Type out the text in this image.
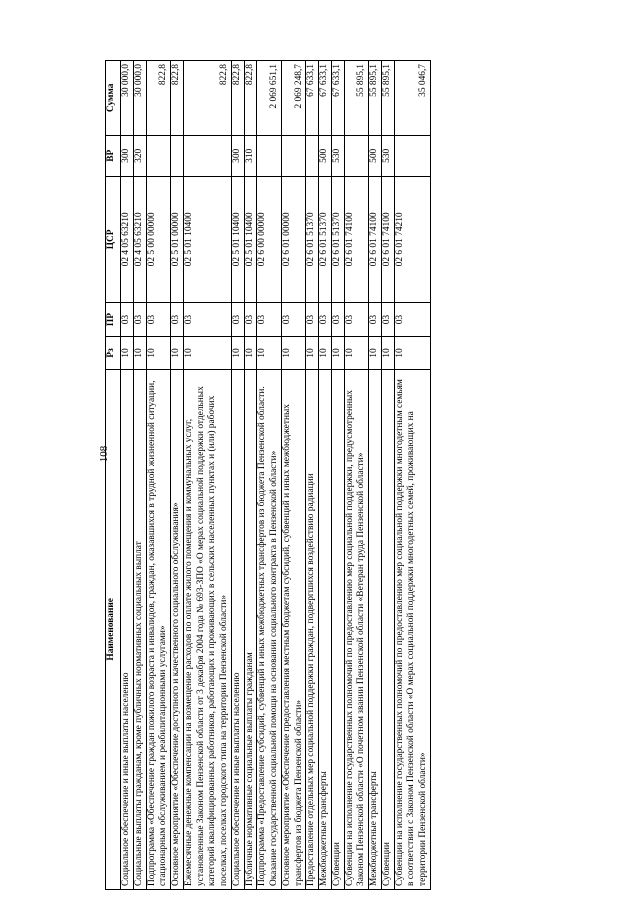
108
Наименование	Рз	ПР	ЦСР	ВР	Сумма
Социальное обеспечение и иные выплаты населению	10	03	02 4 05 63210	300	30 000,0
Социальные выплаты гражданам, кроме публичных нормативных социальных выплат	10	03	02 4 05 63210	320	30 000,0
Подпрограмма «Обеспечение граждан пожилого возраста и инвалидов, граждан, оказавшихся в трудной жизненной ситуации, стационарным обслуживанием и реабилитационными услугами»	10	03	02 5 00 00000		822,8
Основное мероприятие «Обеспечение доступного и качественного социального обслуживания»	10	03	02 5 01 00000		822,8
Ежемесячные денежные компенсации на возмещение расходов по оплате жилого помещения и коммунальных услуг, установленные Законом Пензенской области от 3 декабря 2004 года № 693-ЗПО «О мерах социальной поддержки отдельных категорий квалифицированных работников, работающих и проживающих в сельских населенных пунктах и (или) рабочих поселках, поселках городского типа на территории Пензенской области»	10	03	02 5 01 10400		822,8
Социальное обеспечение и иные выплаты населению	10	03	02 5 01 10400	300	822,8
Публичные нормативные социальные выплаты гражданам	10	03	02 5 01 10400	310	822,8
Подпрограмма «Предоставление субсидий, субвенций и иных межбюджетных трансфертов из бюджета Пензенской области. Оказание государственной социальной помощи на основании социального контракта в Пензенской области»	10	03	02 6 00 00000		2 069 651,1
Основное мероприятие «Обеспечение предоставления местным бюджетам субсидий, субвенций и иных межбюджетных трансфертов из бюджета Пензенской области»	10	03	02 6 01 00000		2 069 248,7
Предоставление отдельных мер социальной поддержки граждан, подвергшихся воздействию радиации	10	03	02 6 01 51370		67 633,1
Межбюджетные трансферты	10	03	02 6 01 51370	500	67 633,1
Субвенции	10	03	02 6 01 51370	530	67 633,1
Субвенции на исполнение государственных полномочий по предоставлению мер социальной поддержки, предусмотренных Законом Пензенской области «О почетном звании Пензенской области «Ветеран труда Пензенской области»	10	03	02 6 01 74100		55 895,1
Межбюджетные трансферты	10	03	02 6 01 74100	500	55 895,1
Субвенции	10	03	02 6 01 74100	530	55 895,1
Субвенции на исполнение государственных полномочий по предоставлению мер социальной поддержки многодетным семьям в соответствии с Законом Пензенской области «О мерах социальной поддержки многодетных семей, проживающих на территории Пензенской области»	10	03	02 6 01 74210		35 046,7
